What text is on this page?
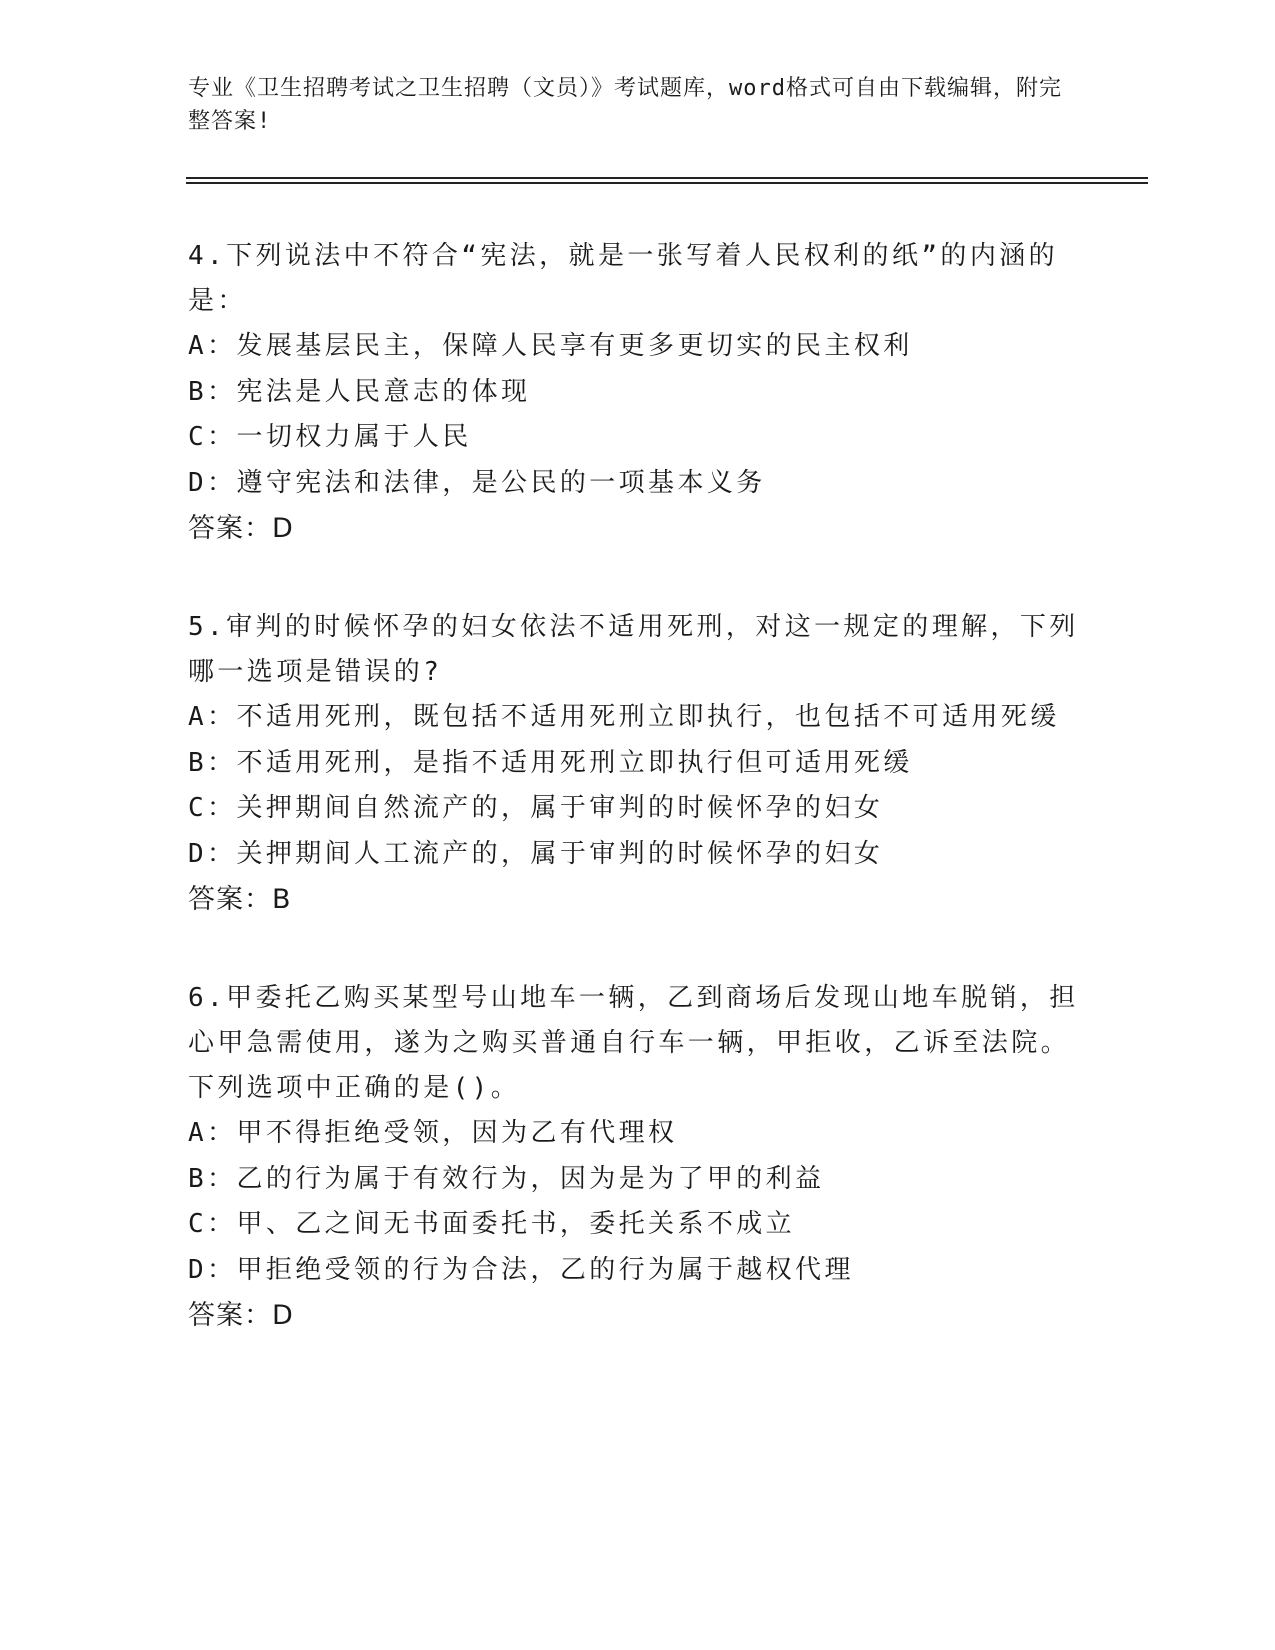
专业《卫生招聘考试之卫生招聘（文员）》考试题库，word格式可自由下载编辑，附完整答案!
4.下列说法中不符合“宪法，就是一张写着人民权利的纸”的内涵的是：
A：发展基层民主，保障人民享有更多更切实的民主权利
B：宪法是人民意志的体现
C：一切权力属于人民
D：遵守宪法和法律，是公民的一项基本义务
答案：D
5.审判的时候怀孕的妇女依法不适用死刑，对这一规定的理解，下列哪一选项是错误的?
A：不适用死刑，既包括不适用死刑立即执行，也包括不可适用死缓
B：不适用死刑，是指不适用死刑立即执行但可适用死缓
C：关押期间自然流产的，属于审判的时候怀孕的妇女
D：关押期间人工流产的，属于审判的时候怀孕的妇女
答案：B
6.甲委托乙购买某型号山地车一辆，乙到商场后发现山地车脱销，担心甲急需使用，遂为之购买普通自行车一辆，甲拒收，乙诉至法院。下列选项中正确的是()。
A：甲不得拒绝受领，因为乙有代理权
B：乙的行为属于有效行为，因为是为了甲的利益
C：甲、乙之间无书面委托书，委托关系不成立
D：甲拒绝受领的行为合法，乙的行为属于越权代理
答案：D
